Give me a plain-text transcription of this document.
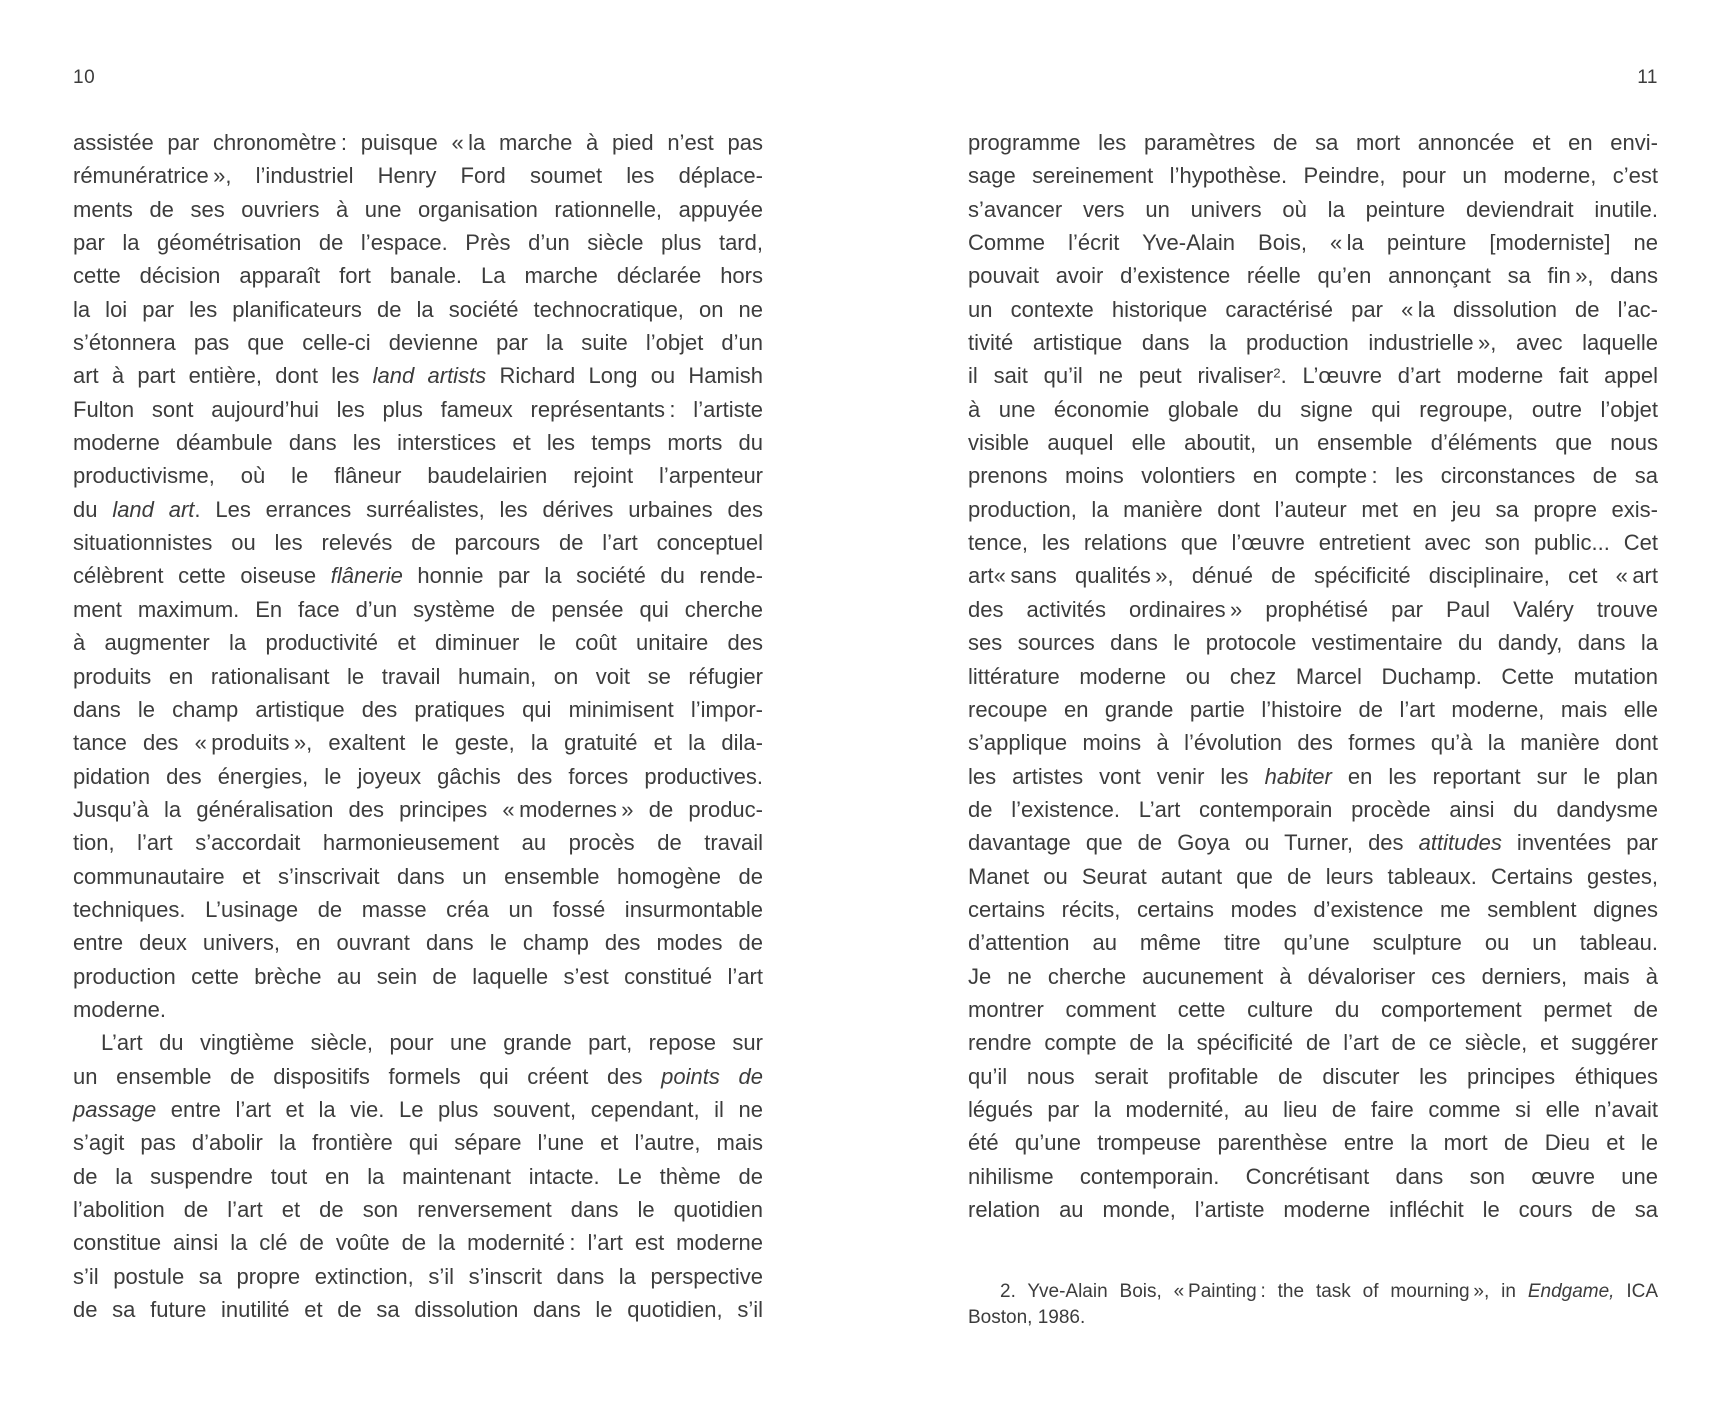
10	11
assistée par chronomètre : puisque « la marche à pied n’est pas
rémunératrice », l’industriel Henry Ford soumet les déplace-
ments de ses ouvriers à une organisation rationnelle, appuyée
par la géométrisation de l’espace. Près d’un siècle plus tard,
cette décision apparaît fort banale. La marche déclarée hors
la loi par les planificateurs de la société technocratique, on ne
s’étonnera pas que celle-ci devienne par la suite l’objet d’un
art à part entière, dont les land artists Richard Long ou Hamish
Fulton sont aujourd’hui les plus fameux représentants : l’artiste
moderne déambule dans les interstices et les temps morts du
productivisme, où le flâneur baudelairien rejoint l’arpenteur
du land art. Les errances surréalistes, les dérives urbaines des
situationnistes ou les relevés de parcours de l’art conceptuel
célèbrent cette oiseuse flânerie honnie par la société du rende-
ment maximum. En face d’un système de pensée qui cherche
à augmenter la productivité et diminuer le coût unitaire des
produits en rationalisant le travail humain, on voit se réfugier
dans le champ artistique des pratiques qui minimisent l’impor-
tance des « produits », exaltent le geste, la gratuité et la dila-
pidation des énergies, le joyeux gâchis des forces productives.
Jusqu’à la généralisation des principes « modernes » de produc-
tion, l’art s’accordait harmonieusement au procès de travail
communautaire et s’inscrivait dans un ensemble homogène de
techniques. L’usinage de masse créa un fossé insurmontable
entre deux univers, en ouvrant dans le champ des modes de
production cette brèche au sein de laquelle s’est constitué l’art
moderne.
L’art du vingtième siècle, pour une grande part, repose sur
un ensemble de dispositifs formels qui créent des points de
passage entre l’art et la vie. Le plus souvent, cependant, il ne
s’agit pas d’abolir la frontière qui sépare l’une et l’autre, mais
de la suspendre tout en la maintenant intacte. Le thème de
l’abolition de l’art et de son renversement dans le quotidien
constitue ainsi la clé de voûte de la modernité : l’art est moderne
s’il postule sa propre extinction, s’il s’inscrit dans la perspective
de sa future inutilité et de sa dissolution dans le quotidien, s’il
programme les paramètres de sa mort annoncée et en envi-
sage sereinement l’hypothèse. Peindre, pour un moderne, c’est
s’avancer vers un univers où la peinture deviendrait inutile.
Comme l’écrit Yve-Alain Bois, « la peinture [moderniste] ne
pouvait avoir d’existence réelle qu’en annonçant sa fin », dans
un contexte historique caractérisé par « la dissolution de l’ac-
tivité artistique dans la production industrielle », avec laquelle
il sait qu’il ne peut rivaliser$^2$. L’œuvre d’art moderne fait appel
à une économie globale du signe qui regroupe, outre l’objet
visible auquel elle aboutit, un ensemble d’éléments que nous
prenons moins volontiers en compte : les circonstances de sa
production, la manière dont l’auteur met en jeu sa propre exis-
tence, les relations que l’œuvre entretient avec son public... Cet
art« sans qualités », dénué de spécificité disciplinaire, cet « art
des activités ordinaires » prophétisé par Paul Valéry trouve
ses sources dans le protocole vestimentaire du dandy, dans la
littérature moderne ou chez Marcel Duchamp. Cette mutation
recoupe en grande partie l’histoire de l’art moderne, mais elle
s’applique moins à l’évolution des formes qu’à la manière dont
les artistes vont venir les habiter en les reportant sur le plan
de l’existence. L’art contemporain procède ainsi du dandysme
davantage que de Goya ou Turner, des attitudes inventées par
Manet ou Seurat autant que de leurs tableaux. Certains gestes,
certains récits, certains modes d’existence me semblent dignes
d’attention au même titre qu’une sculpture ou un tableau.
Je ne cherche aucunement à dévaloriser ces derniers, mais à
montrer comment cette culture du comportement permet de
rendre compte de la spécificité de l’art de ce siècle, et suggérer
qu’il nous serait profitable de discuter les principes éthiques
légués par la modernité, au lieu de faire comme si elle n’avait
été qu’une trompeuse parenthèse entre la mort de Dieu et le
nihilisme contemporain. Concrétisant dans son œuvre une
relation au monde, l’artiste moderne infléchit le cours de sa
2. Yve-Alain Bois, « Painting : the task of mourning », in Endgame, ICA
Boston, 1986.
